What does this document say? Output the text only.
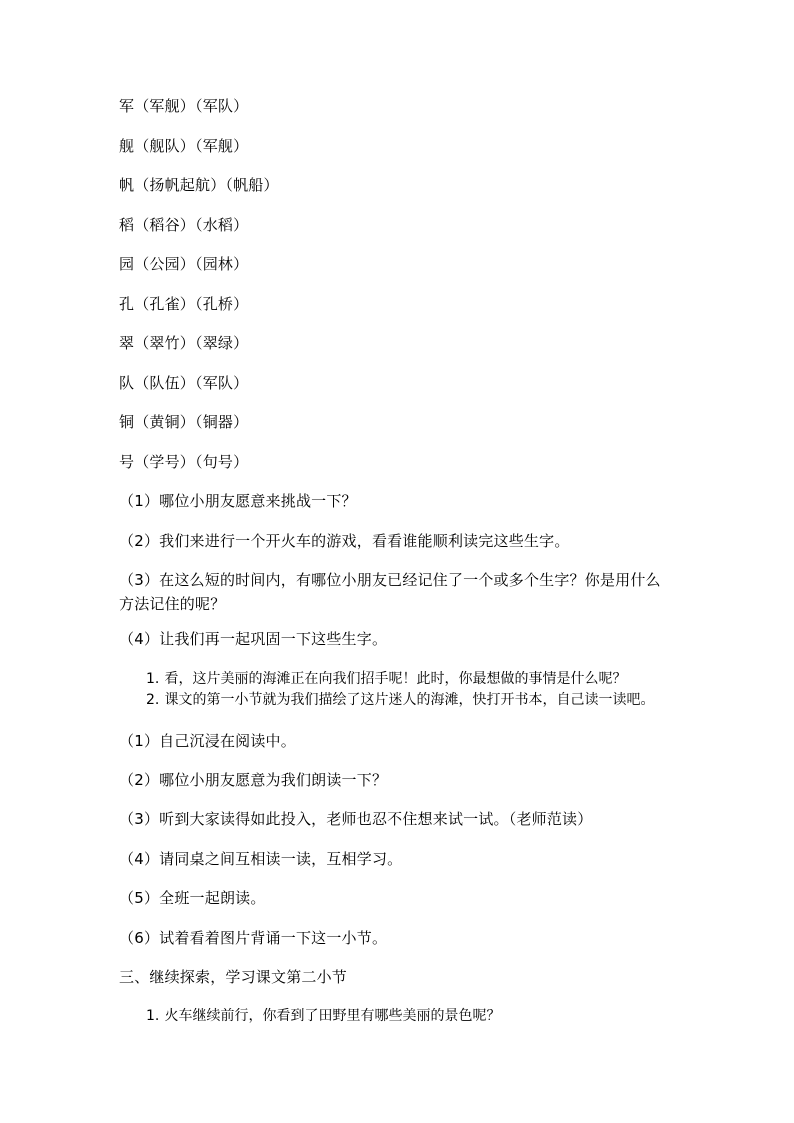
军（军舰）（军队）
舰（舰队）（军舰）
帆（扬帆起航）（帆船）
稻（稻谷）（水稻）
园（公园）（园林）
孔（孔雀）（孔桥）
翠（翠竹）（翠绿）
队（队伍）（军队）
铜（黄铜）（铜器）
号（学号）（句号）
（1）哪位小朋友愿意来挑战一下？
（2）我们来进行一个开火车的游戏，看看谁能顺利读完这些生字。
（3）在这么短的时间内，有哪位小朋友已经记住了一个或多个生字？你是用什么方法记住的呢？
（4）让我们再一起巩固一下这些生字。
1. 看，这片美丽的海滩正在向我们招手呢！此时，你最想做的事情是什么呢？
2. 课文的第一小节就为我们描绘了这片迷人的海滩，快打开书本，自己读一读吧。
（1）自己沉浸在阅读中。
（2）哪位小朋友愿意为我们朗读一下？
（3）听到大家读得如此投入，老师也忍不住想来试一试。（老师范读）
（4）请同桌之间互相读一读，互相学习。
（5）全班一起朗读。
（6）试着看着图片背诵一下这一小节。
三、继续探索，学习课文第二小节
1. 火车继续前行，你看到了田野里有哪些美丽的景色呢？
